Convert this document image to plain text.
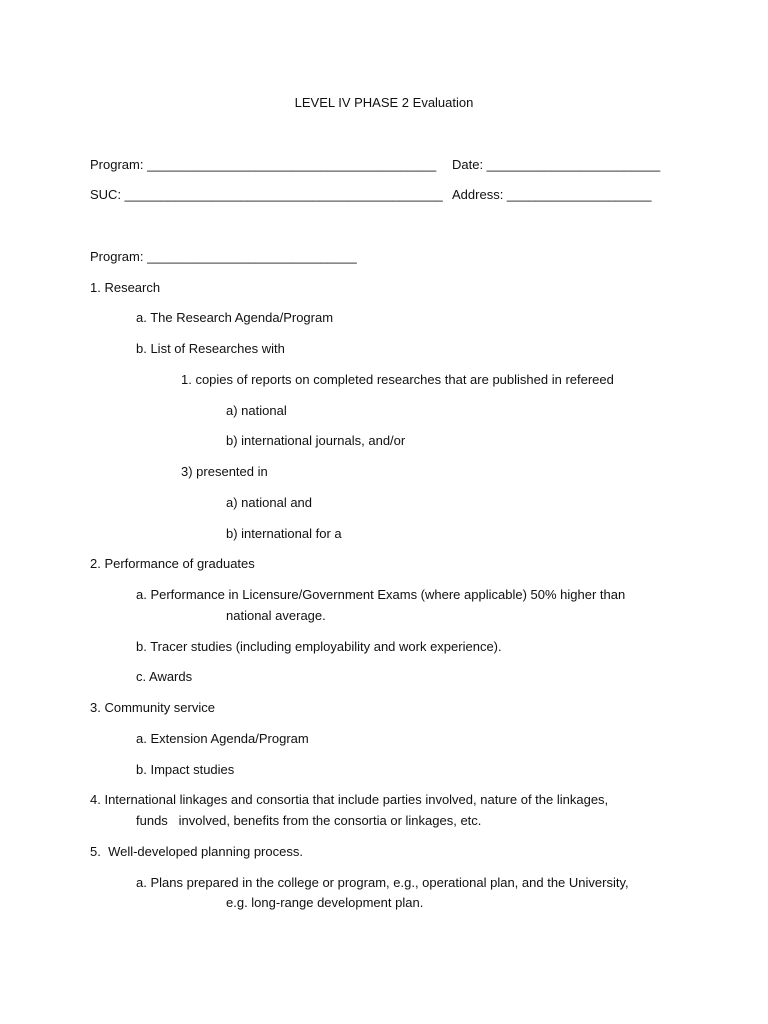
LEVEL IV PHASE 2 Evaluation
Program: ________________________________________ Date: ________________________
SUC: ____________________________________________ Address: ____________________
Program: _____________________________
1. Research
a. The Research Agenda/Program
b. List of Researches with
1. copies of reports on completed researches that are published in refereed
a) national
b) international journals, and/or
3) presented in
a) national and
b) international for a
2. Performance of graduates
a. Performance in Licensure/Government Exams (where applicable) 50% higher than
national average.
b. Tracer studies (including employability and work experience).
c. Awards
3. Community service
a. Extension Agenda/Program
b. Impact studies
4. International linkages and consortia that include parties involved, nature of the linkages,
funds   involved, benefits from the consortia or linkages, etc.
5.  Well-developed planning process.
a. Plans prepared in the college or program, e.g., operational plan, and the University,
e.g. long-range development plan.
